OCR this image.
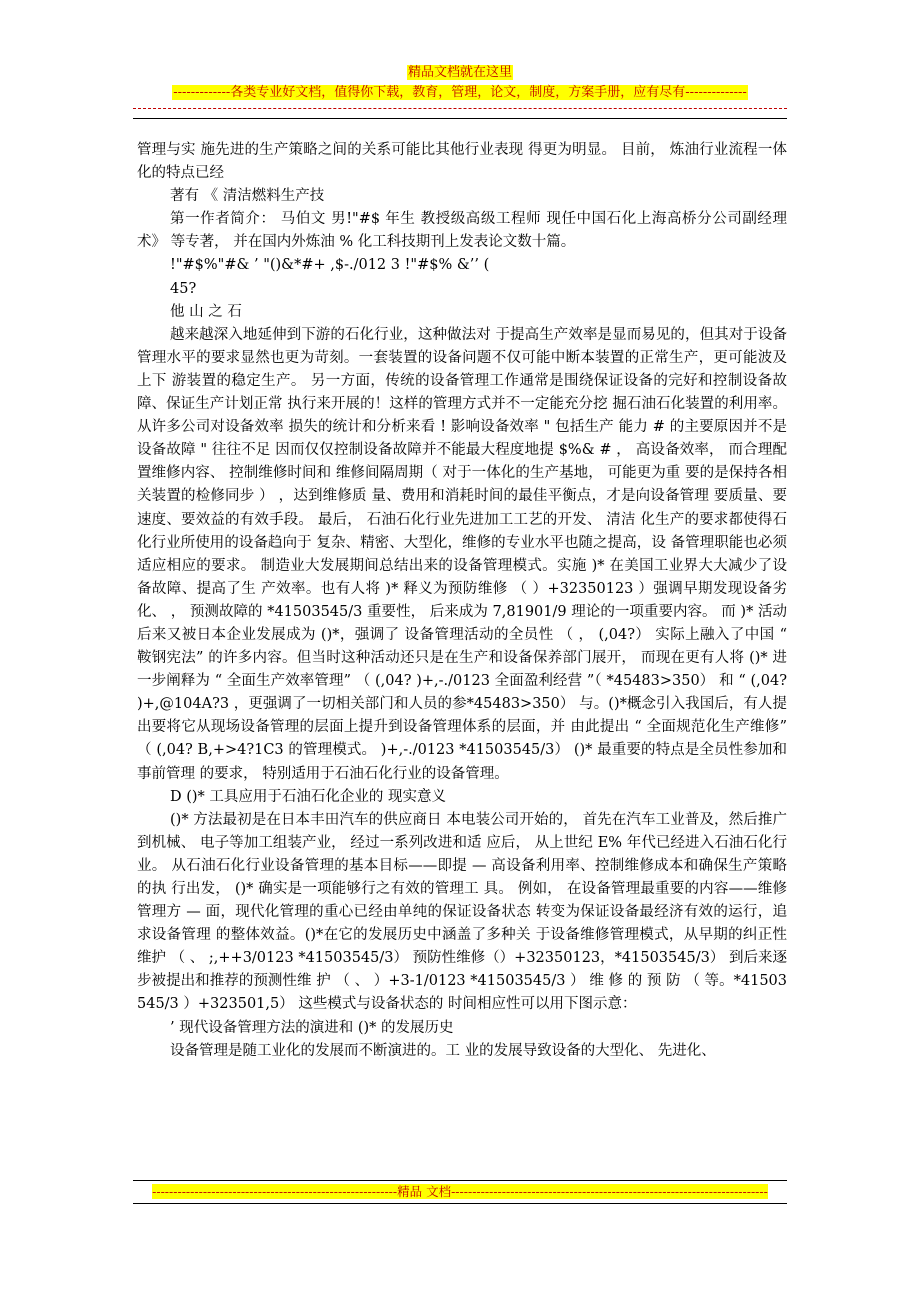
精品文档就在这里
-------------各类专业好文档，值得你下载，教育，管理，论文，制度，方案手册，应有尽有--------------

管理与实 施先进的生产策略之间的关系可能比其他行业表现 得更为明显。 目前， 炼油行业流程一体化的特点已经

著有 《 清洁燃料生产技

第一作者简介： 马伯文 男!"#$ 年生 教授级高级工程师 现任中国石化上海高桥分公司副经理 术》 等专著， 并在国内外炼油 % 化工科技期刊上发表论文数十篇。

!"#$%"#& ’ "()&*#+ ,$-./012 3 !"#$% &’’ (

45?

他 山 之 石

越来越深入地延伸到下游的石化行业，这种做法对 于提高生产效率是显而易见的，但其对于设备管理水平的要求显然也更为苛刻。一套装置的设备问题不仅可能中断本装置的正常生产，更可能波及上下 游装置的稳定生产。 另一方面，传统的设备管理工作通常是围绕保证设备的完好和控制设备故障、保证生产计划正常 执行来开展的！这样的管理方式并不一定能充分挖 掘石油石化装置的利用率。从许多公司对设备效率 损失的统计和分析来看 ! 影响设备效率 " 包括生产 能力 # 的主要原因并不是设备故障 " 往往不足 因而仅仅控制设备故障并不能最大程度地提 $%& # ， 高设备效率， 而合理配置维修内容、 控制维修时间和 维修间隔周期（ 对于一体化的生产基地， 可能更为重 要的是保持各相关装置的检修同步 ） ，达到维修质 量、费用和消耗时间的最佳平衡点，才是向设备管理 要质量、要速度、要效益的有效手段。 最后， 石油石化行业先进加工工艺的开发、 清洁 化生产的要求都使得石化行业所使用的设备趋向于 复杂、精密、大型化，维修的专业水平也随之提高，设 备管理职能也必须适应相应的要求。 制造业大发展期间总结出来的设备管理模式。实施 )* 在美国工业界大大减少了设备故障、提高了生 产效率。也有人将 )* 释义为预防维修 （ ）+32350123 ）强调早期发现设备劣化、 ， 预测故障的 *41503545/3 重要性， 后来成为 7,81901/9 理论的一项重要内容。 而 )* 活动后来又被日本企业发展成为 ()*，强调了 设备管理活动的全员性 （ ， (,04?） 实际上融入了中国 “ 鞍钢宪法” 的许多内容。但当时这种活动还只是在生产和设备保养部门展开， 而现在更有人将 ()* 进 一步阐释为 “ 全面生产效率管理” （ (,04? )+,-./0123 全面盈利经营 ”（ *45483>350） 和 “ (,04? )+,@104A?3 ，更强调了一切相关部门和人员的参*45483>350） 与。()*概念引入我国后，有人提出要将它从现场设备管理的层面上提升到设备管理体系的层面，并 由此提出 “ 全面规范化生产维修” （ (,04? B,+>4?1C3 的管理模式。 )+,-./0123 *41503545/3） ()* 最重要的特点是全员性参加和事前管理 的要求， 特别适用于石油石化行业的设备管理。

D ()* 工具应用于石油石化企业的 现实意义

()* 方法最初是在日本丰田汽车的供应商日 本电装公司开始的， 首先在汽车工业普及，然后推广 到机械、 电子等加工组装产业， 经过一系列改进和适 应后， 从上世纪 E% 年代已经进入石油石化行业。 从石油石化行业设备管理的基本目标——即提 — 高设备利用率、控制维修成本和确保生产策略的执 行出发， ()* 确实是一项能够行之有效的管理工 具。 例如， 在设备管理最重要的内容——维修管理方 — 面，现代化管理的重心已经由单纯的保证设备状态 转变为保证设备最经济有效的运行，追求设备管理 的整体效益。()*在它的发展历史中涵盖了多种关 于设备维修管理模式，从早期的纠正性维护 （ 、 ;,++3/0123 *41503545/3） 预防性维修（）+32350123，*41503545/3） 到后来逐步被提出和推荐的预测性维 护 （ 、 ）+3-1/0123 *41503545/3 ） 维 修 的 预 防 （ 等。*41503545/3 ）+323501,5） 这些模式与设备状态的 时间相应性可以用下图示意：

’ 现代设备管理方法的演进和 ()* 的发展历史

设备管理是随工业化的发展而不断演进的。工 业的发展导致设备的大型化、 先进化、

----------------------------------------------------------精品 文档---------------------------------------------------------------------------
